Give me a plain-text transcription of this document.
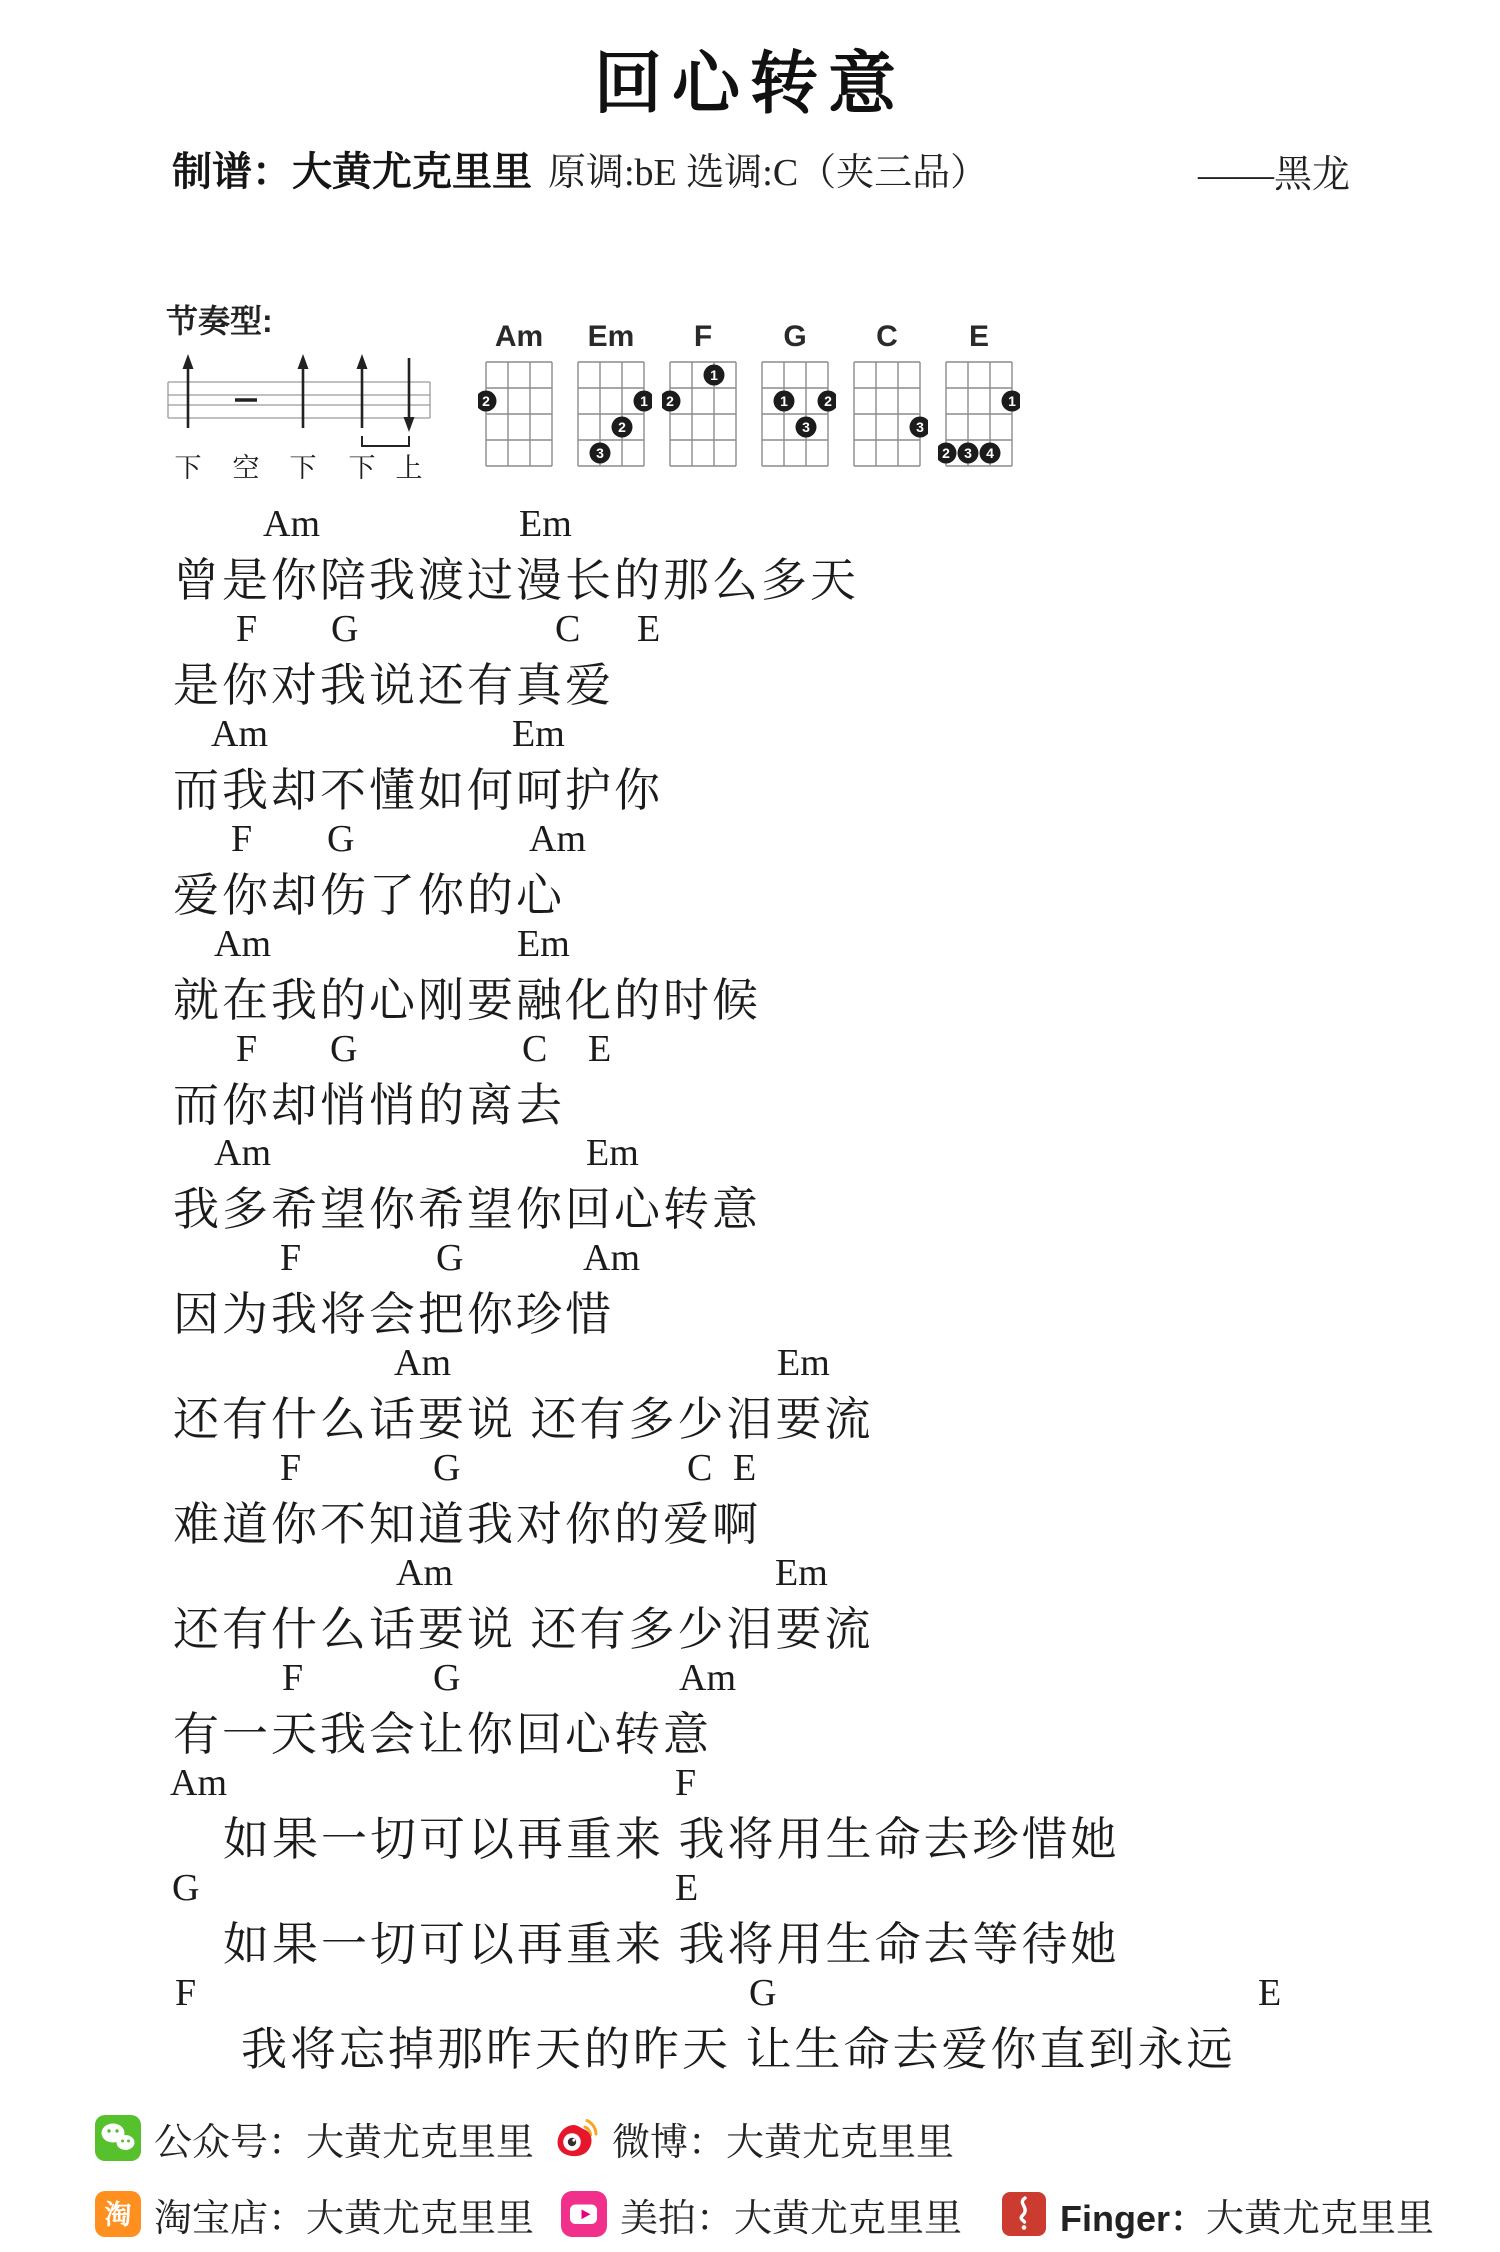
回心转意
制谱：大黄尤克里里 原调:bE 选调:C（夹三品）	——黑龙
节奏型:
下 空 下 下 上
Am
2
Em
1
2
3
F
1
2
G
1	2
3
C
3
E
1
2 3 4
Am	Em
曾是你陪我渡过漫长的那么多天
F G	C E
是你对我说还有真爱
Am	Em
而我却不懂如何呵护你
F G	Am
爱你却伤了你的心
Am	Em
就在我的心刚要融化的时候
F G	C E
而你却悄悄的离去
Am	Em
我多希望你希望你回心转意
F	G	Am
因为我将会把你珍惜
Am	Em
还有什么话要说 还有多少泪要流
F	G	C E
难道你不知道我对你的爱啊
Am	Em
还有什么话要说 还有多少泪要流
F	G	Am
有一天我会让你回心转意
Am	F
如果一切可以再重来 我将用生命去珍惜她
G	E
如果一切可以再重来 我将用生命去等待她
F	G	E
我将忘掉那昨天的昨天 让生命去爱你直到永远
公众号：大黄尤克里里 微博：大黄尤克里里
淘 淘宝店：大黄尤克里里 美拍：大黄尤克里里	Finger：大黄尤克里里
